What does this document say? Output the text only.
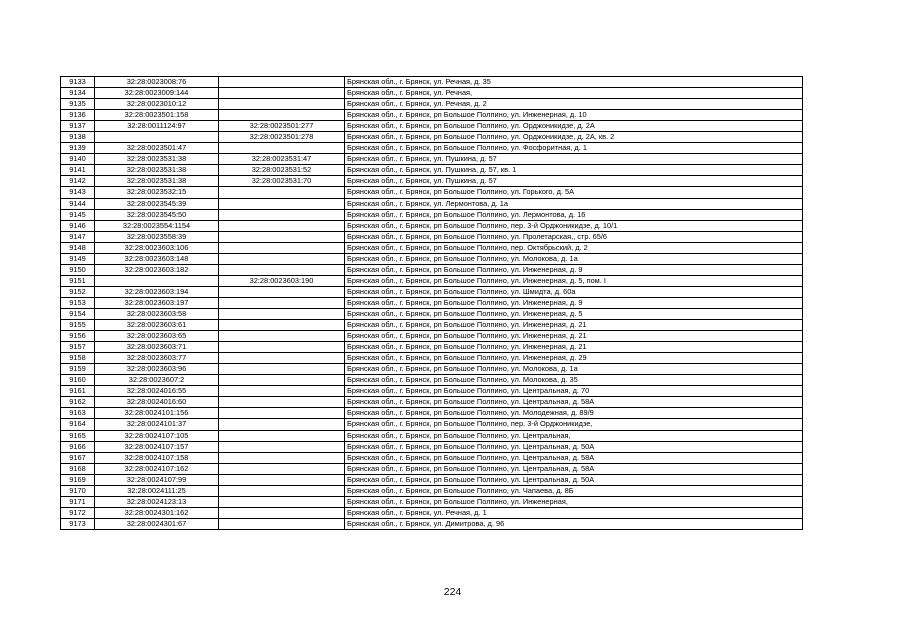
9133	32:28:0023008:76		Брянская обл., г. Брянск, ул. Речная, д. 35
9134	32:28:0023009:144		Брянская обл., г. Брянск, ул. Речная,
9135	32:28:0023010:12		Брянская обл., г. Брянск, ул. Речная, д. 2
9136	32:28:0023501:158		Брянская обл., г. Брянск, рп Большое Полпино, ул. Инженерная, д. 10
9137	32:28:0011124:97	32:28:0023501:277	Брянская обл., г. Брянск, рп Большое Полпино, ул. Орджоникидзе, д. 2А
9138		32:28:0023501:278	Брянская обл., г. Брянск, рп Большое Полпино, ул. Орджоникидзе, д. 2А, кв. 2
9139	32:28:0023501:47		Брянская обл., г. Брянск, рп Большое Полпино, ул. Фосфоритная, д. 1
9140	32:28:0023531:38	32:28:0023531:47	Брянская обл., г. Брянск, ул. Пушкина, д. 57
9141	32:28:0023531:38	32:28:0023531:52	Брянская обл., г. Брянск, ул. Пушкина, д. 57, кв. 1
9142	32:28:0023531:38	32:28:0023531:70	Брянская обл., г. Брянск, ул. Пушкина, д. 57
9143	32:28:0023532:15		Брянская обл., г. Брянск, рп Большое Полпино, ул. Горького, д. 5А
9144	32:28:0023545:39		Брянская обл., г. Брянск, ул. Лермонтова, д. 1а
9145	32:28:0023545:50		Брянская обл., г. Брянск, рп Большое Полпино, ул. Лермонтова, д. 16
9146	32:28:0023554:1154		Брянская обл., г. Брянск, рп Большое Полпино, пер. 3-й Орджоникидзе, д. 10/1
9147	32:28:0023558:39		Брянская обл., г. Брянск, рп Большое Полпино, ул. Пролетарская,, стр. 65/6
9148	32:28:0023603:106		Брянская обл., г. Брянск, рп Большое Полпино, пер. Октябрьский, д. 2
9149	32:28:0023603:148		Брянская обл., г. Брянск, рп Большое Полпино, ул. Молокова, д. 1а
9150	32:28:0023603:182		Брянская обл., г. Брянск, рп Большое Полпино, ул. Инженерная, д. 9
9151		32:28:0023603:190	Брянская обл., г. Брянск, рп Большое Полпино, ул. Инженерная, д. 5, пом. I
9152	32:28:0023603:194		Брянская обл., г. Брянск, рп Большое Полпино, ул. Шмидта, д. 60а
9153	32:28:0023603:197		Брянская обл., г. Брянск, рп Большое Полпино, ул. Инженерная, д. 9
9154	32:28:0023603:58		Брянская обл., г. Брянск, рп Большое Полпино, ул. Инженерная, д. 5
9155	32:28:0023603:61		Брянская обл., г. Брянск, рп Большое Полпино, ул. Инженерная, д. 21
9156	32:28:0023603:65		Брянская обл., г. Брянск, рп Большое Полпино, ул. Инженерная, д. 21
9157	32:28:0023603:71		Брянская обл., г. Брянск, рп Большое Полпино, ул. Инженерная, д. 21
9158	32:28:0023603:77		Брянская обл., г. Брянск, рп Большое Полпино, ул. Инженерная, д. 29
9159	32:28:0023603:96		Брянская обл., г. Брянск, рп Большое Полпино, ул. Молокова, д. 1а
9160	32:28:0023607:2		Брянская обл., г. Брянск, рп Большое Полпино, ул. Молокова, д. 35
9161	32:28:0024016:55		Брянская обл., г. Брянск, рп Большое Полпино, ул. Центральная, д. 70
9162	32:28:0024016:60		Брянская обл., г. Брянск, рп Большое Полпино, ул. Центральная, д. 58А
9163	32:28:0024101:156		Брянская обл., г. Брянск, рп Большое Полпино, ул. Молодежная, д. 89/9
9164	32:28:0024101:37		Брянская обл., г. Брянск, рп Большое Полпино, пер. 3-й Орджоникидзе,
9165	32:28:0024107:105		Брянская обл., г. Брянск, рп Большое Полпино, ул. Центральная,
9166	32:28:0024107:157		Брянская обл., г. Брянск, рп Большое Полпино, ул. Центральная, д. 50А
9167	32:28:0024107:158		Брянская обл., г. Брянск, рп Большое Полпино, ул. Центральная, д. 58А
9168	32:28:0024107:162		Брянская обл., г. Брянск, рп Большое Полпино, ул. Центральная, д. 58А
9169	32:28:0024107:99		Брянская обл., г. Брянск, рп Большое Полпино, ул. Центральная, д. 50А
9170	32:28:0024111:25		Брянская обл., г. Брянск, рп Большое Полпино, ул. Чапаева, д. 8Б
9171	32:28:0024123:13		Брянская обл., г. Брянск, рп Большое Полпино, ул. Инженерная,
9172	32:28:0024301:162		Брянская обл., г. Брянск, ул. Речная, д. 1
9173	32:28:0024301:67		Брянская обл., г. Брянск, ул. Димитрова, д. 96
224
